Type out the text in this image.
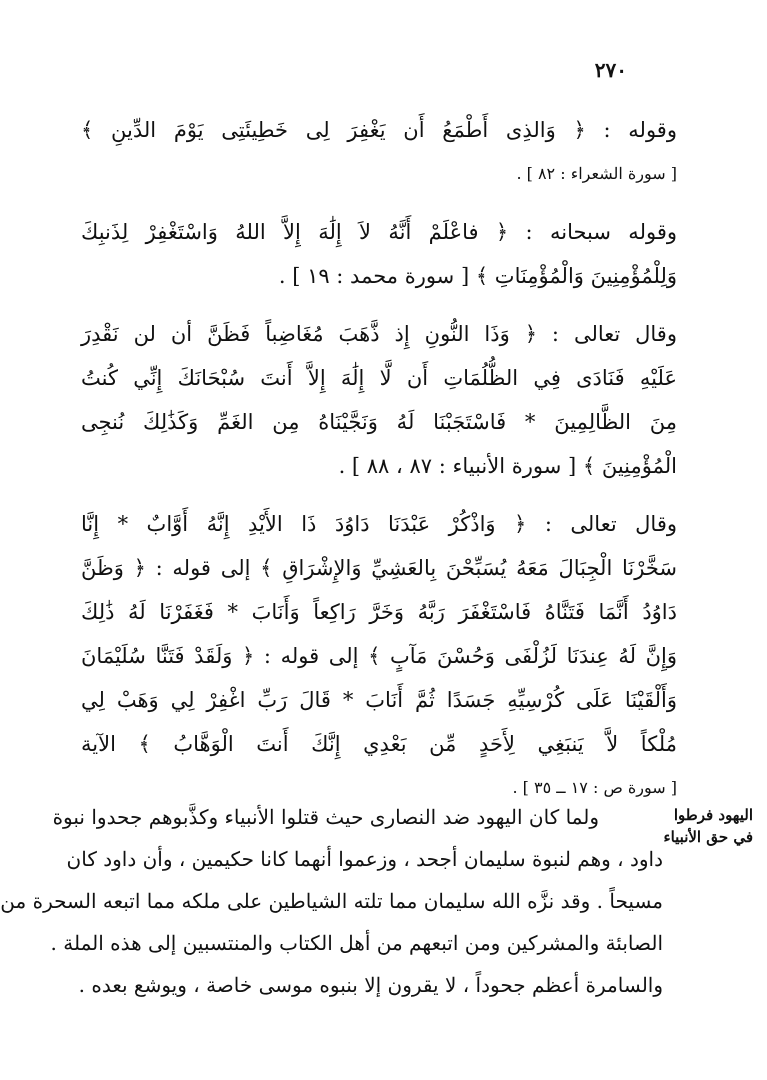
٢٧٠

وقوله : ﴿ وَالذِى أَطْمَعُ أَن يَغْفِرَ لِى خَطِيئَتِى يَوْمَ الدِّينِ ﴾
[ سورة الشعراء : ٨٢ ] .

وقوله سبحانه : ﴿ فاعْلَمْ أَنَّهُ لاَ إِلَٰهَ إِلاَّ اللهُ وَاسْتَغْفِرْ لِذَنبِكَ
وَلِلْمُؤْمِنِينَ وَالْمُؤْمِنَاتِ ﴾ [ سورة محمد : ١٩ ] .

وقال تعالى : ﴿ وَذَا النُّونِ إِذ ذَّهَبَ مُغَاضِباً فَظَنَّ أن لن نَقْدِرَ
عَلَيْهِ فَنَادَى فِي الظُّلُمَاتِ أَن لَّا إِلَٰهَ إِلاَّ أَنتَ سُبْحَانَكَ إِنِّي كُنتُ
مِنَ الظَّالِمِينَ * فَاسْتَجَبْنَا لَهُ وَنَجَّيْنَاهُ مِن الغَمِّ وَكَذَٰلِكَ نُنجِى
الْمُؤْمِنِينَ ﴾ [ سورة الأنبياء : ٨٧ ، ٨٨ ] .

وقال تعالى : ﴿ وَاذْكُرْ عَبْدَنَا دَاوُدَ ذَا الأَيْدِ إِنَّهُ أَوَّابٌ * إِنَّا
سَخَّرْنَا الْجِبَالَ مَعَهُ يُسَبِّحْنَ بِالعَشِيِّ وَالإِشْرَاقِ ﴾ إلى قوله : ﴿ وَظَنَّ
دَاوُدُ أَنَّمَا فَتَنَّاهُ فَاسْتَغْفَرَ رَبَّهُ وَخَرَّ رَاكِعاً وَأَنَابَ * فَغَفَرْنَا لَهُ ذَٰلِكَ
وَإِنَّ لَهُ عِندَنَا لَزُلْفَى وَحُسْنَ مَآبٍ ﴾ إلى قوله : ﴿ وَلَقَدْ فَتَنَّا سُلَيْمَانَ
وَأَلْقَيْنَا عَلَى كُرْسِيِّهِ جَسَدًا ثُمَّ أَنَابَ * قَالَ رَبِّ اغْفِرْ لِي وَهَبْ لِي
مُلْكاً لاَّ يَنبَغِي لِأَحَدٍ مِّن بَعْدِي إِنَّكَ أَنتَ الْوَهَّابُ ﴾ الآية
[ سورة ص : ١٧ ــ ٣٥ ] .

اليهود فرطوا
في حق الأنبياء
ولما كان اليهود ضد النصارى حيث قتلوا الأنبياء وكذَّبوهم جحدوا نبوة
داود ، وهم لنبوة سليمان أجحد ، وزعموا أنهما كانا حكيمين ، وأن داود كان
مسيحاً . وقد نزَّه الله سليمان مما تلته الشياطين على ملكه مما اتبعه السحرة من
الصابئة والمشركين ومن اتبعهم من أهل الكتاب والمنتسبين إلى هذه الملة .
والسامرة أعظم جحوداً ، لا يقرون إلا بنبوه موسى خاصة ، ويوشع بعده .
